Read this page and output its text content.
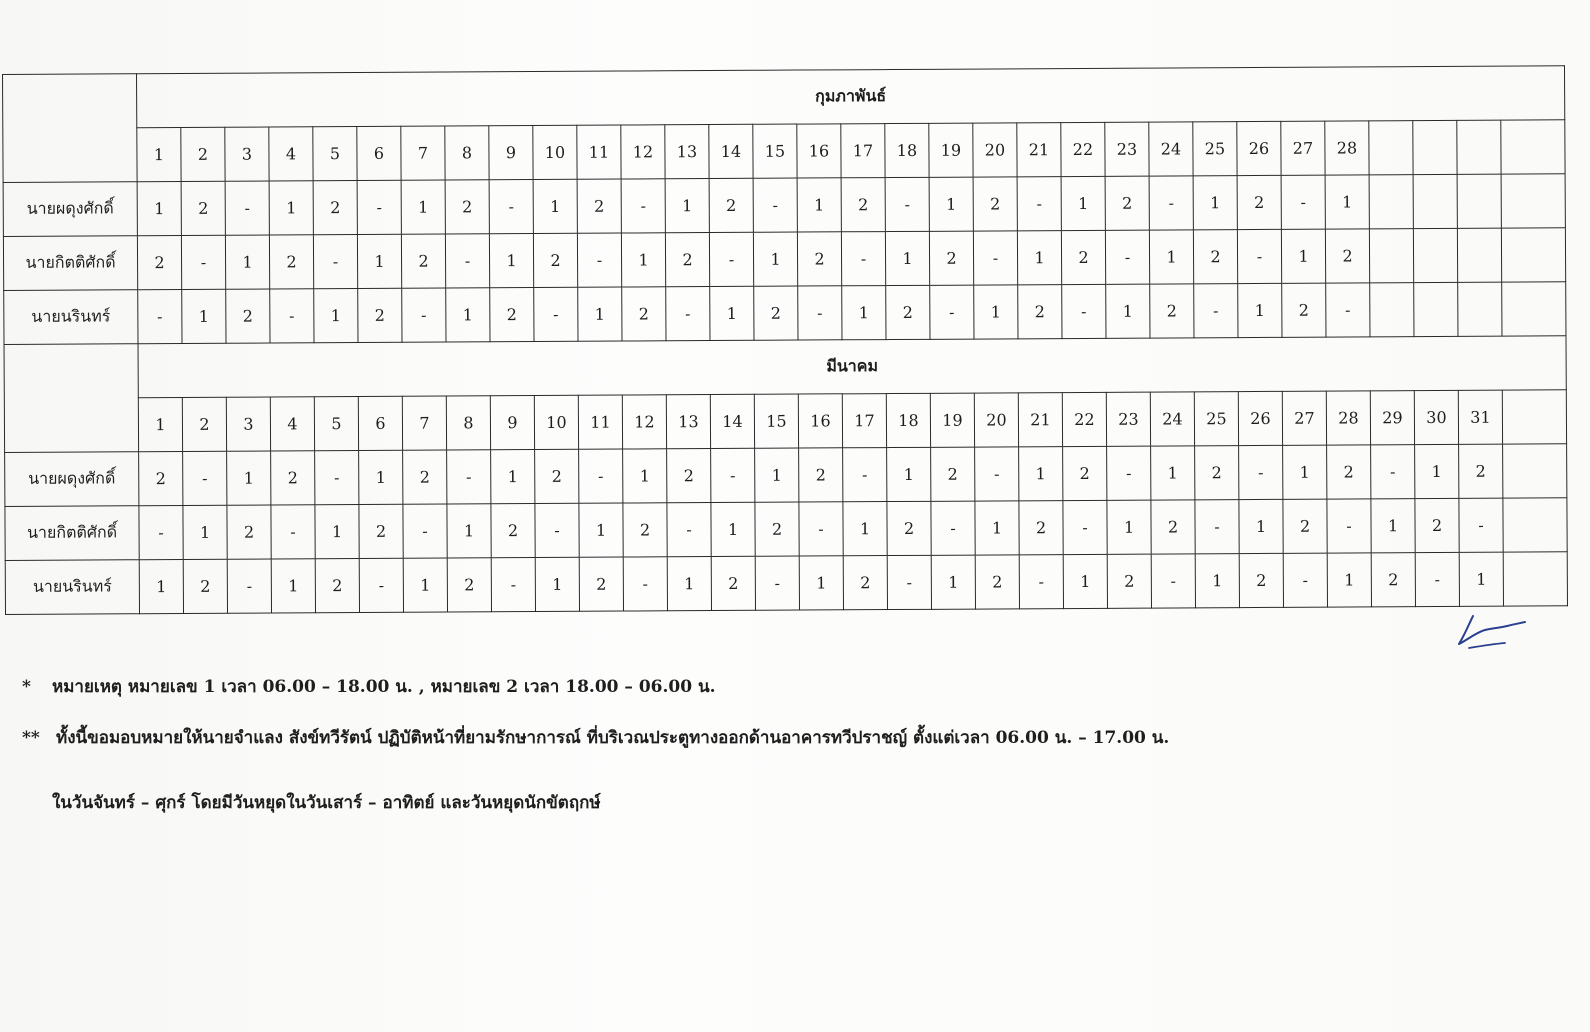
	กุมภาพันธ์																															
	1	2	3	4	5	6	7	8	9	10	11	12	13	14	15	16	17	18	19	20	21	22	23	24	25	26	27	28				
นายผดุงศักดิ์	1	2	-	1	2	-	1	2	-	1	2	-	1	2	-	1	2	-	1	2	-	1	2	-	1	2	-	1				
นายกิตติศักดิ์	2	-	1	2	-	1	2	-	1	2	-	1	2	-	1	2	-	1	2	-	1	2	-	1	2	-	1	2				
นายนรินทร์	-	1	2	-	1	2	-	1	2	-	1	2	-	1	2	-	1	2	-	1	2	-	1	2	-	1	2	-				
	มีนาคม																															
	1	2	3	4	5	6	7	8	9	10	11	12	13	14	15	16	17	18	19	20	21	22	23	24	25	26	27	28	29	30	31	
นายผดุงศักดิ์	2	-	1	2	-	1	2	-	1	2	-	1	2	-	1	2	-	1	2	-	1	2	-	1	2	-	1	2	-	1	2	
นายกิตติศักดิ์	-	1	2	-	1	2	-	1	2	-	1	2	-	1	2	-	1	2	-	1	2	-	1	2	-	1	2	-	1	2	-	
นายนรินทร์	1	2	-	1	2	-	1	2	-	1	2	-	1	2	-	1	2	-	1	2	-	1	2	-	1	2	-	1	2	-	1	
* หมายเหตุ หมายเลข 1 เวลา 06.00 – 18.00 น. , หมายเลข 2 เวลา 18.00 – 06.00 น.
** ทั้งนี้ขอมอบหมายให้นายจำแลง สังข์ทวีรัตน์ ปฏิบัติหน้าที่ยามรักษาการณ์ ที่บริเวณประตูทางออกด้านอาคารทวีปราชญ์ ตั้งแต่เวลา 06.00 น. – 17.00 น.
ในวันจันทร์ – ศุกร์ โดยมีวันหยุดในวันเสาร์ – อาทิตย์ และวันหยุดนักขัตฤกษ์
